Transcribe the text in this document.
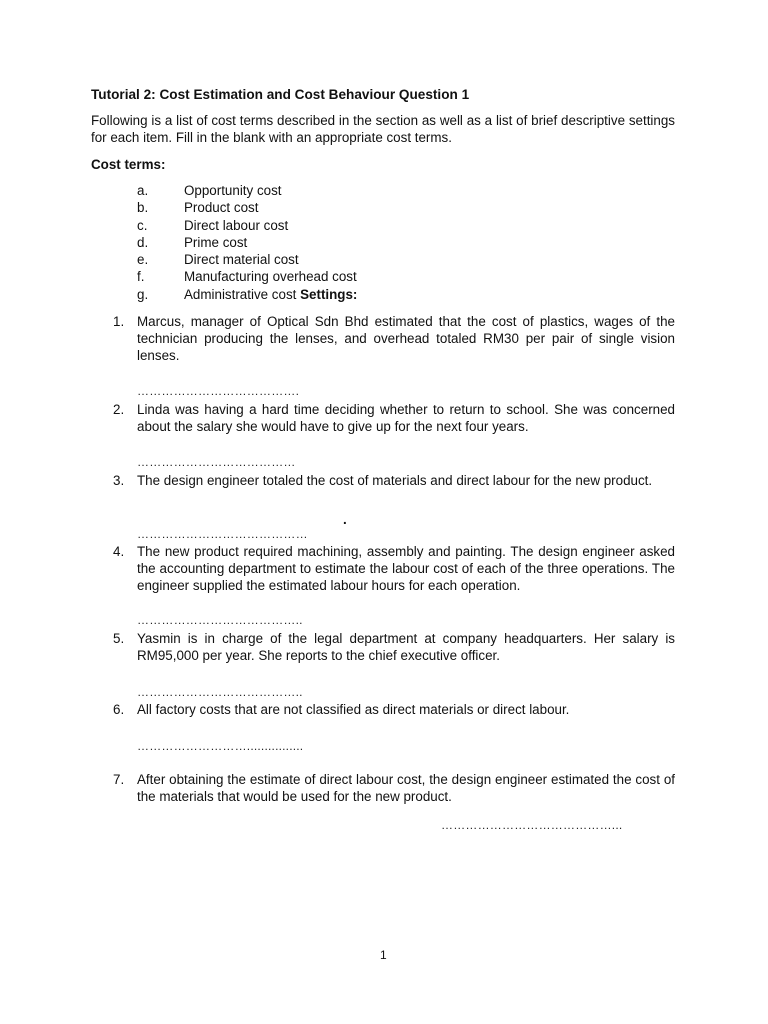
Tutorial 2: Cost Estimation and Cost Behaviour Question 1
Following is a list of cost terms described in the section as well as a list of brief descriptive settings for each item. Fill in the blank with an appropriate cost terms.
Cost terms:
a.	Opportunity cost
b.	Product cost
c.	Direct labour cost
d.	Prime cost
e.	Direct material cost
f.	Manufacturing overhead cost
g.	Administrative cost Settings:
1. Marcus, manager of Optical Sdn Bhd estimated that the cost of plastics, wages of the technician producing the lenses, and overhead totaled RM30 per pair of single vision lenses.
………………………………….
2. Linda was having a hard time deciding whether to return to school. She was concerned about the salary she would have to give up for the next four years.
…………………………………
3. The design engineer totaled the cost of materials and direct labour for the new product.
.
……………………………………
4. The new product required machining, assembly and painting. The design engineer asked the accounting department to estimate the labour cost of each of the three operations. The engineer supplied the estimated labour hours for each operation.
…………………………………..
5. Yasmin is in charge of the legal department at company headquarters. Her salary is RM95,000 per year. She reports to the chief executive officer.
…………………………………..
6. All factory costs that are not classified as direct materials or direct labour.
………………………................
7. After obtaining the estimate of direct labour cost, the design engineer estimated the cost of the materials that would be used for the new product.
……………………………………...
1
